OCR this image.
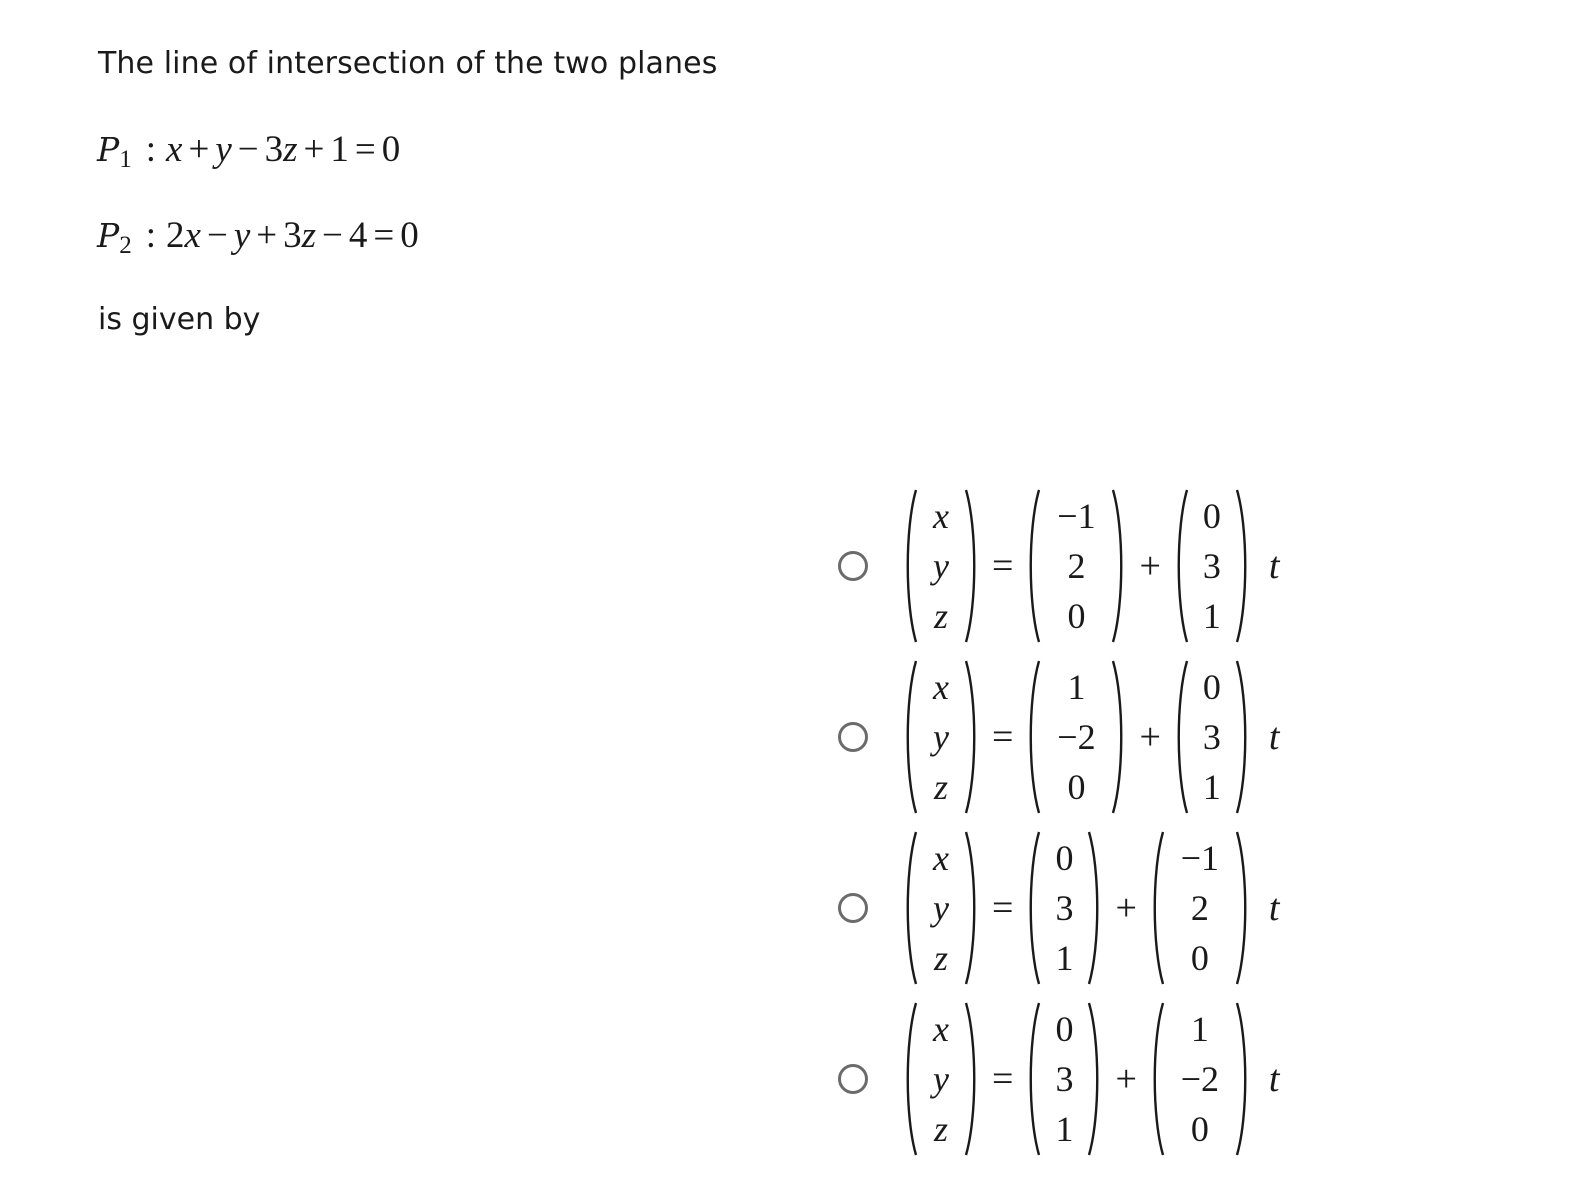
The line of intersection of the two planes

$P_1$ : x + y − 3z + 1 = 0
$P_2$ : 2x − y + 3z − 4 = 0

is given by

x
y
z
=
−1
2
0
+
0
3
1
t
x
y
z
=
1
−2
0
+
0
3
1
t
x
y
z
=
0
3
1
+
−1
2
0
t
x
y
z
=
0
3
1
+
1
−2
0
t
